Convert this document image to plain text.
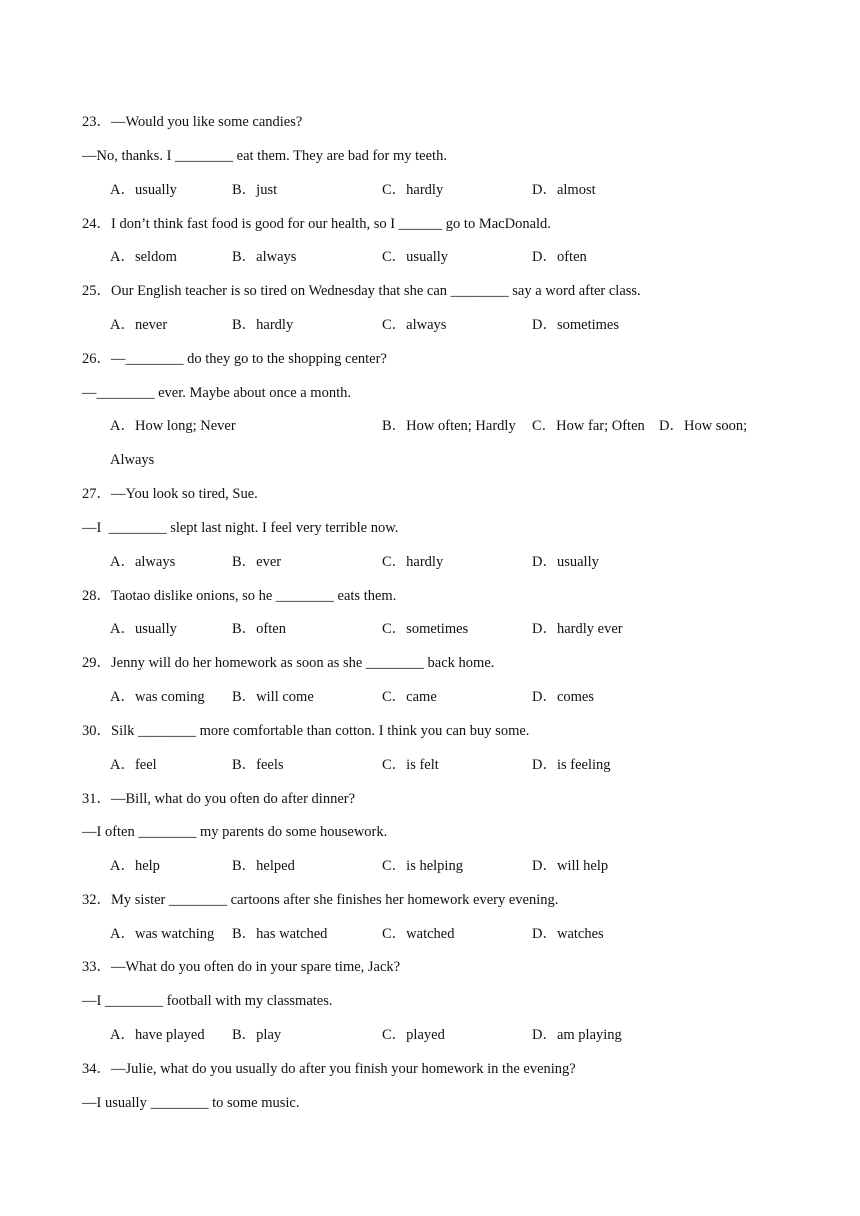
23．—Would you like some candies?
—No, thanks. I ________ eat them. They are bad for my teeth.
A．usually	B．just	C．hardly	D．almost
24．I don’t think fast food is good for our health, so I ______ go to MacDonald.
A．seldom	B．always	C．usually	D．often
25．Our English teacher is so tired on Wednesday that she can ________ say a word after class.
A．never	B．hardly	C．always	D．sometimes
26．—________ do they go to the shopping center?
—________ ever. Maybe about once a month.
A．How long; Never	B．How often; Hardly C．How far; Often D．How soon;
Always
27．—You look so tired, Sue.
—I  ________ slept last night. I feel very terrible now.
A．always	B．ever	C．hardly	D．usually
28．Taotao dislike onions, so he ________ eats them.
A．usually	B．often	C．sometimes	D．hardly ever
29．Jenny will do her homework as soon as she ________ back home.
A．was coming B．will come	C．came	D．comes
30．Silk ________ more comfortable than cotton. I think you can buy some.
A．feel	B．feels	C．is felt	D．is feeling
31．—Bill, what do you often do after dinner?
—I often ________ my parents do some housework.
A．help	B．helped	C．is helping	D．will help
32．My sister ________ cartoons after she finishes her homework every evening.
A．was watching B．has watched	C．watched	D．watches
33．—What do you often do in your spare time, Jack?
—I ________ football with my classmates.
A．have played B．play	C．played	D．am playing
34．—Julie, what do you usually do after you finish your homework in the evening?
—I usually ________ to some music.
